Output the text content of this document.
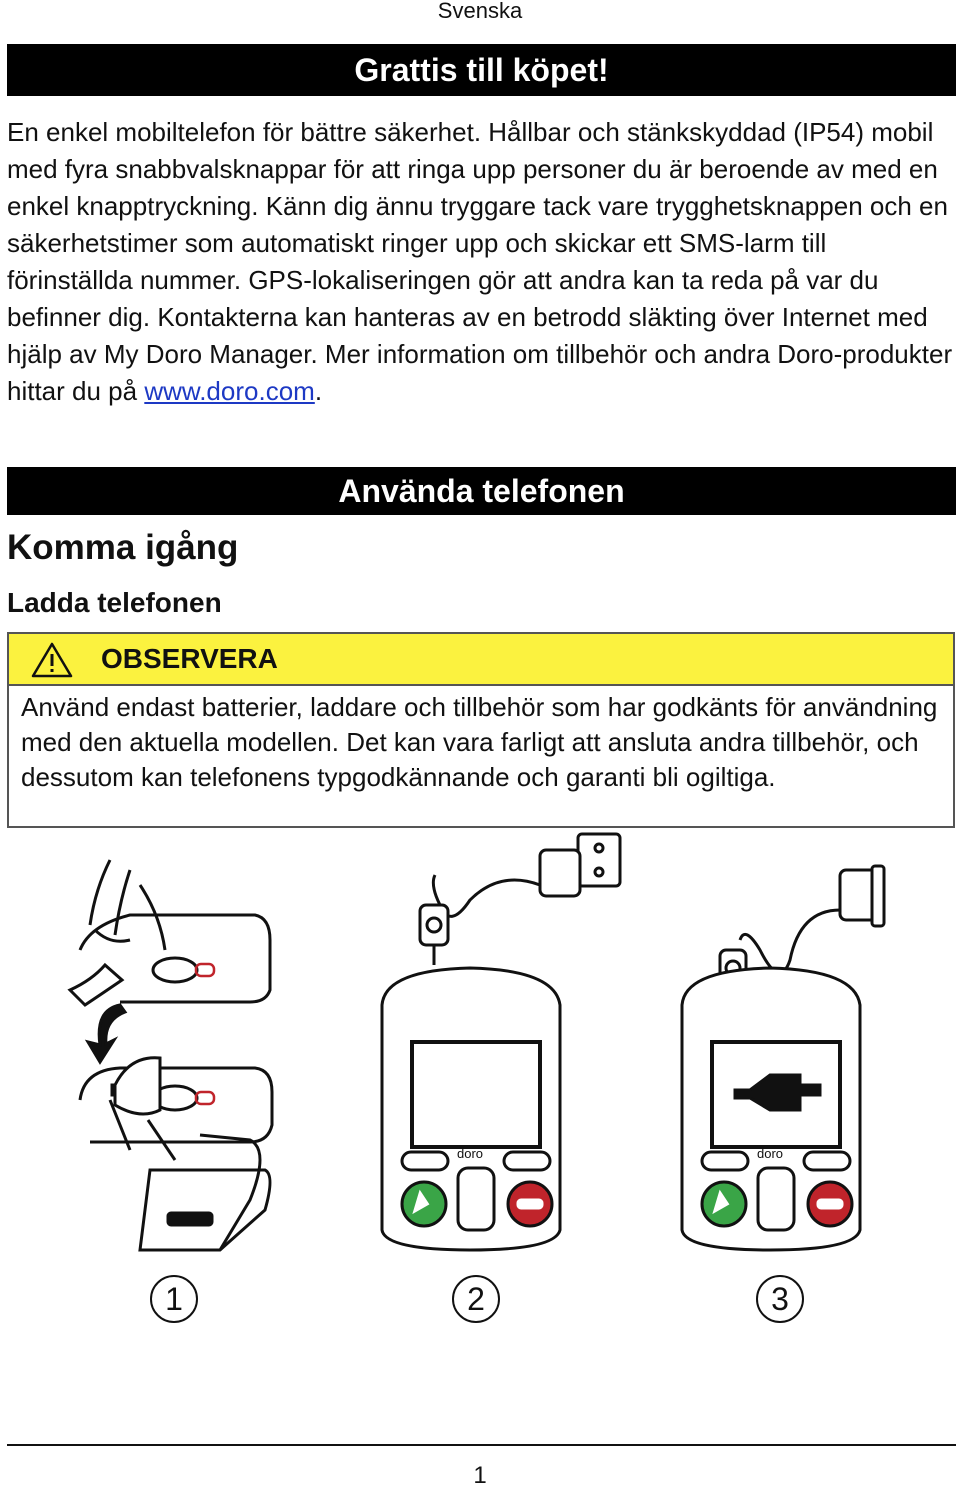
Svenska
Grattis till köpet!

En enkel mobiltelefon för bättre säkerhet. Hållbar och stänkskyddad (IP54) mobil med fyra snabbvalsknappar för att ringa upp personer du är beroende av med en enkel knapptryckning. Känn dig ännu tryggare tack vare trygghetsknappen och en säkerhetstimer som automatiskt ringer upp och skickar ett SMS-larm till förinställda nummer. GPS-lokaliseringen gör att andra kan ta reda på var du befinner dig. Kontakterna kan hanteras av en betrodd släkting över Internet med hjälp av My Doro Manager. Mer information om tillbehör och andra Doro-produkter hittar du på www.doro.com.

Använda telefonen
Komma igång
Ladda telefonen
OBSERVERA
Använd endast batterier, laddare och tillbehör som har godkänts för användning med den aktuella modellen. Det kan vara farligt att ansluta andra tillbehör, och dessutom kan telefonens typgodkännande och garanti bli ogiltiga.
doro	doro
1	2	3
1
